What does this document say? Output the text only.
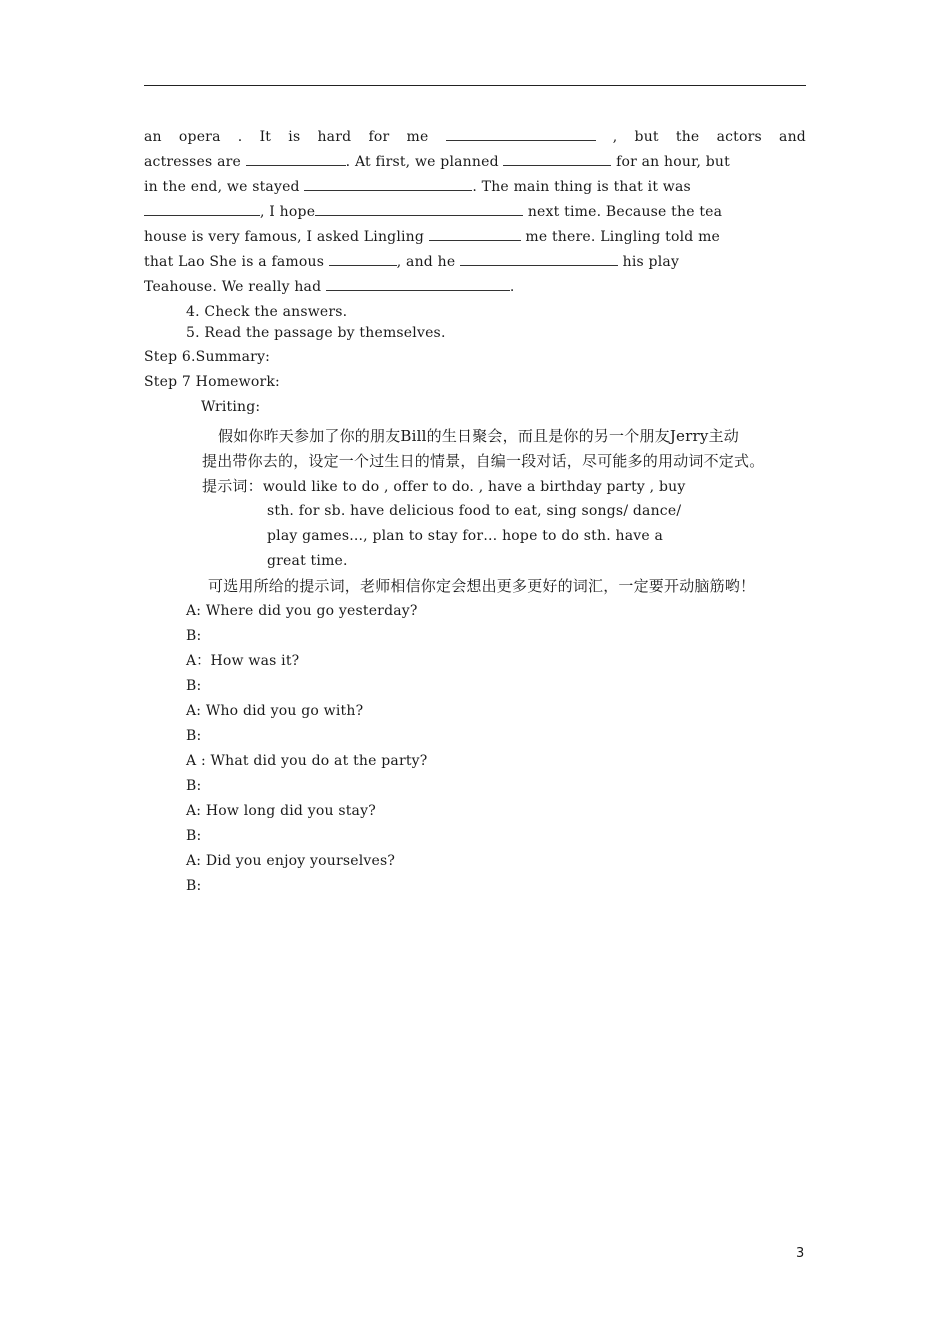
an opera . It is hard for me	, but the actors and
actresses are	. At first, we planned	for an hour, but
in the end, we stayed	. The main thing is that it was
, I hope	next time. Because the tea
house is very famous, I asked Lingling	me there. Lingling told me
that Lao She is a famous	, and he	his play
Teahouse. We really had	.
4. Check the answers.
5. Read the passage by themselves.
Step 6.Summary:
Step 7 Homework:
Writing:
假如你昨天参加了你的朋友Bill的生日聚会，而且是你的另一个朋友Jerry主动
提出带你去的，设定一个过生日的情景，自编一段对话，尽可能多的用动词不定式。
提示词：would like to do , offer to do. , have a birthday party , buy
sth. for sb. have delicious food to eat, sing songs/ dance/
play games..., plan to stay for… hope to do sth. have a
great time.
可选用所给的提示词，老师相信你定会想出更多更好的词汇，一定要开动脑筋哟！
A: Where did you go yesterday?
B:
A：How was it?
B:
A: Who did you go with?
B:
A : What did you do at the party?
B:
A: How long did you stay?
B:
A: Did you enjoy yourselves?
B:
3
